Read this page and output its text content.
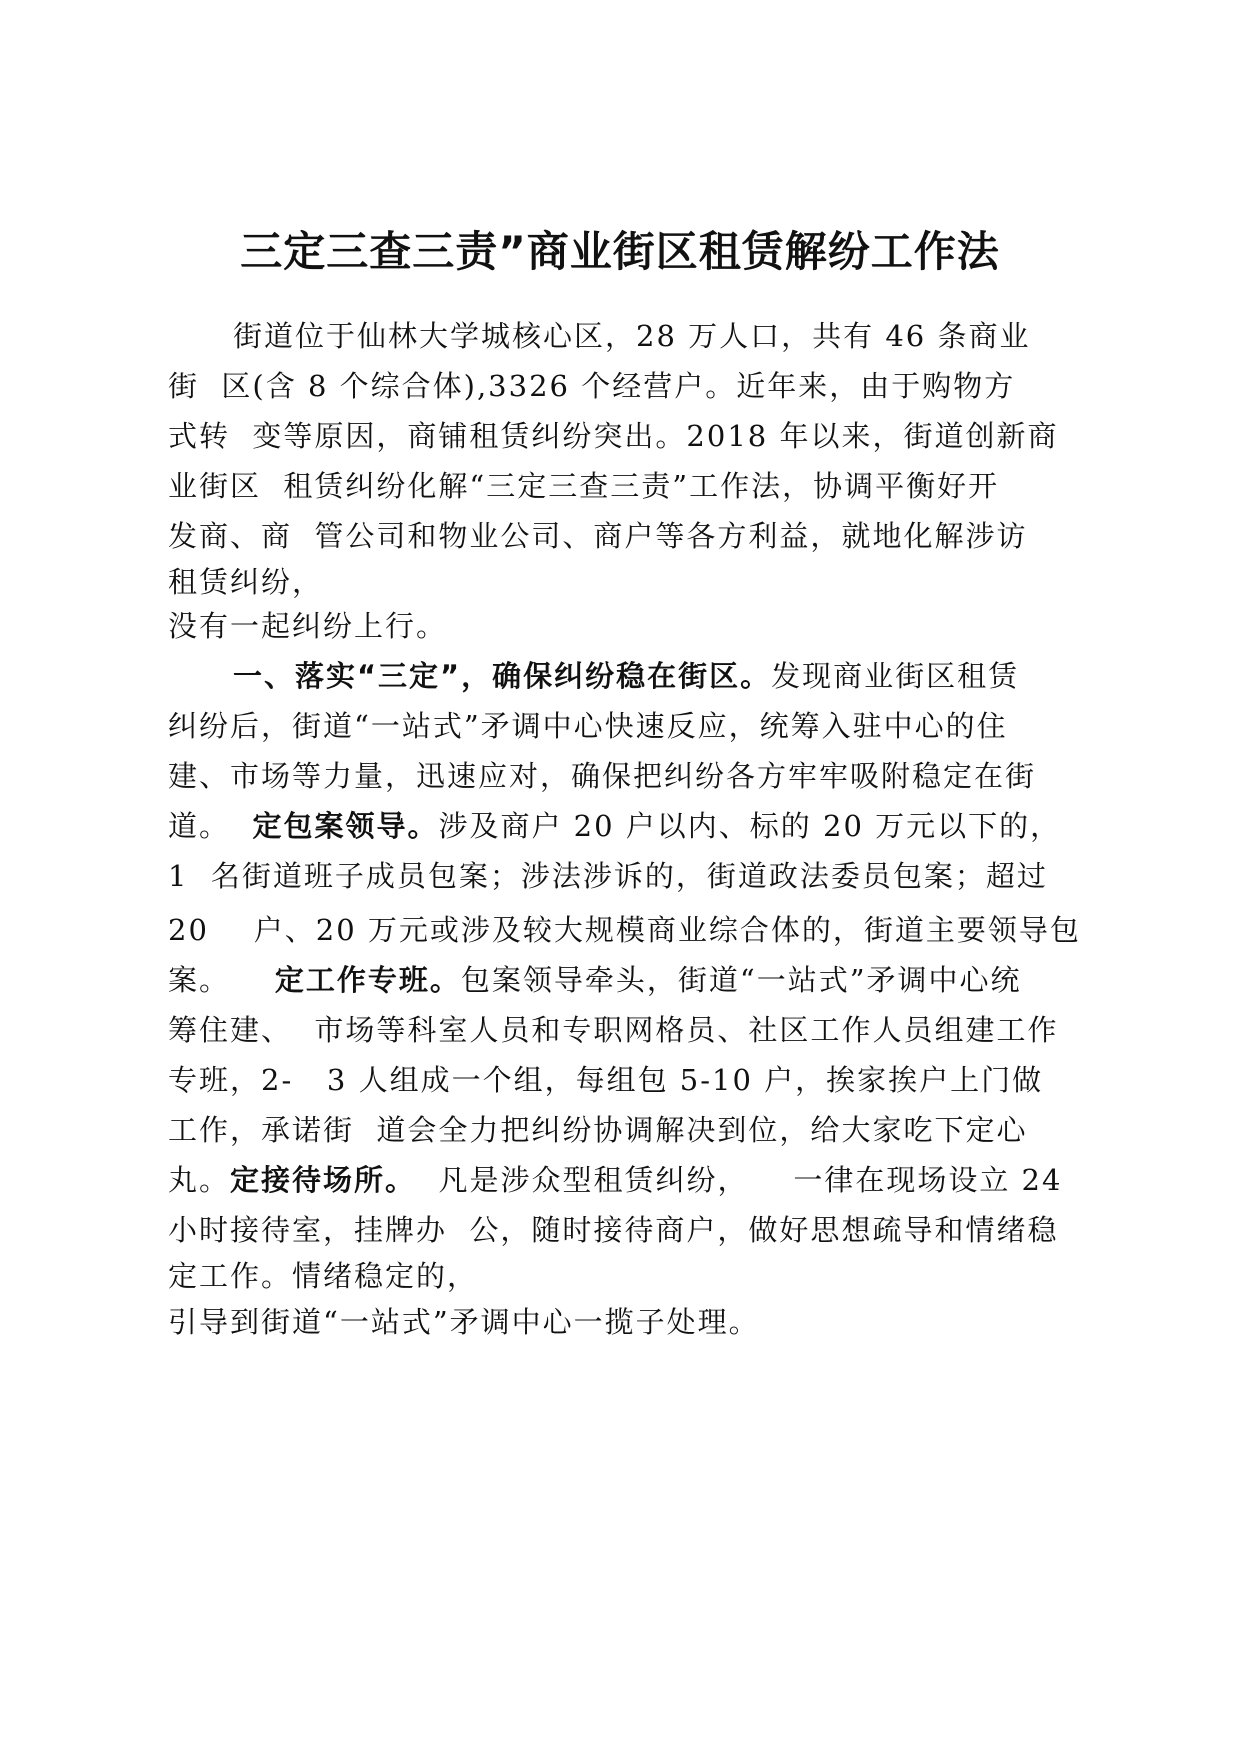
三定三查三责”商业街区租赁解纷工作法
街道位于仙林大学城核心区，28 万人口，共有 46 条商业
街  区(含 8 个综合体),3326 个经营户。近年来，由于购物方
式转  变等原因，商铺租赁纠纷突出。2018 年以来，街道创新商
业街区  租赁纠纷化解“三定三查三责”工作法，协调平衡好开
发商、商  管公司和物业公司、商户等各方利益，就地化解涉访
租赁纠纷，
没有一起纠纷上行。
一、落实“三定”，确保纠纷稳在街区。发现商业街区租赁
纠纷后，街道“一站式”矛调中心快速反应，统筹入驻中心的住
建、市场等力量，迅速应对，确保把纠纷各方牢牢吸附稳定在街
道。  定包案领导。涉及商户 20 户以内、标的 20 万元以下的，
1  名街道班子成员包案；涉法涉诉的，街道政法委员包案；超过
20    户、20 万元或涉及较大规模商业综合体的，街道主要领导包
案。    定工作专班。包案领导牵头，街道“一站式”矛调中心统
筹住建、  市场等科室人员和专职网格员、社区工作人员组建工作
专班，2-   3 人组成一个组，每组包 5-10 户，挨家挨户上门做
工作，承诺街  道会全力把纠纷协调解决到位，给大家吃下定心
丸。定接待场所。  凡是涉众型租赁纠纷，    一律在现场设立 24
小时接待室，挂牌办  公，随时接待商户，做好思想疏导和情绪稳
定工作。情绪稳定的，
引导到街道“一站式”矛调中心一揽子处理。
